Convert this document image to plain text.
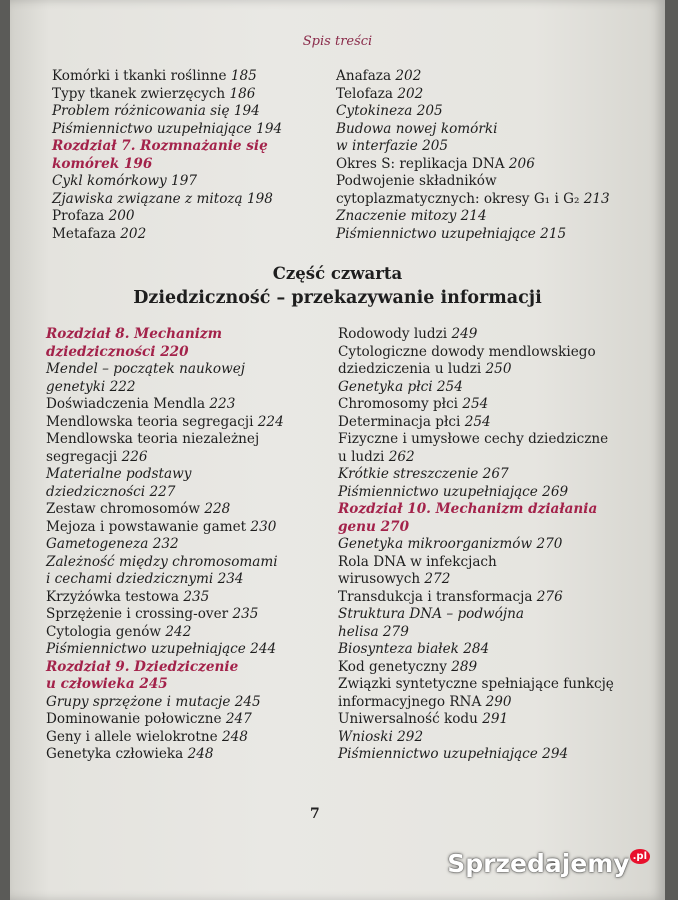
Spis treści
Komórki i tkanki roślinne 185
Typy tkanek zwierzęcych 186
Problem różnicowania się 194
Piśmiennictwo uzupełniające 194
Rozdział 7. Rozmnażanie się
komórek 196
Cykl komórkowy 197
Zjawiska związane z mitozą 198
Profaza 200
Metafaza 202
Anafaza 202
Telofaza 202
Cytokineza 205
Budowa nowej komórki
w interfazie 205
Okres S: replikacja DNA 206
Podwojenie składników
cytoplazmatycznych: okresy G₁ i G₂ 213
Znaczenie mitozy 214
Piśmiennictwo uzupełniające 215
Część czwarta
Dziedziczność – przekazywanie informacji
Rozdział 8. Mechanizm
dziedziczności 220
Mendel – początek naukowej
genetyki 222
Doświadczenia Mendla 223
Mendlowska teoria segregacji 224
Mendlowska teoria niezależnej
segregacji 226
Materialne podstawy
dziedziczności 227
Zestaw chromosomów 228
Mejoza i powstawanie gamet 230
Gametogeneza 232
Zależność między chromosomami
i cechami dziedzicznymi 234
Krzyżówka testowa 235
Sprzężenie i crossing-over 235
Cytologia genów 242
Piśmiennictwo uzupełniające 244
Rozdział 9. Dziedziczenie
u człowieka 245
Grupy sprzężone i mutacje 245
Dominowanie połowiczne 247
Geny i allele wielokrotne 248
Genetyka człowieka 248
Rodowody ludzi 249
Cytologiczne dowody mendlowskiego
dziedziczenia u ludzi 250
Genetyka płci 254
Chromosomy płci 254
Determinacja płci 254
Fizyczne i umysłowe cechy dziedziczne
u ludzi 262
Krótkie streszczenie 267
Piśmiennictwo uzupełniające 269
Rozdział 10. Mechanizm działania
genu 270
Genetyka mikroorganizmów 270
Rola DNA w infekcjach
wirusowych 272
Transdukcja i transformacja 276
Struktura DNA – podwójna
helisa 279
Biosynteza białek 284
Kod genetyczny 289
Związki syntetyczne spełniające funkcję
informacyjnego RNA 290
Uniwersalność kodu 291
Wnioski 292
Piśmiennictwo uzupełniające 294
7
Sprzedajemy .pl
